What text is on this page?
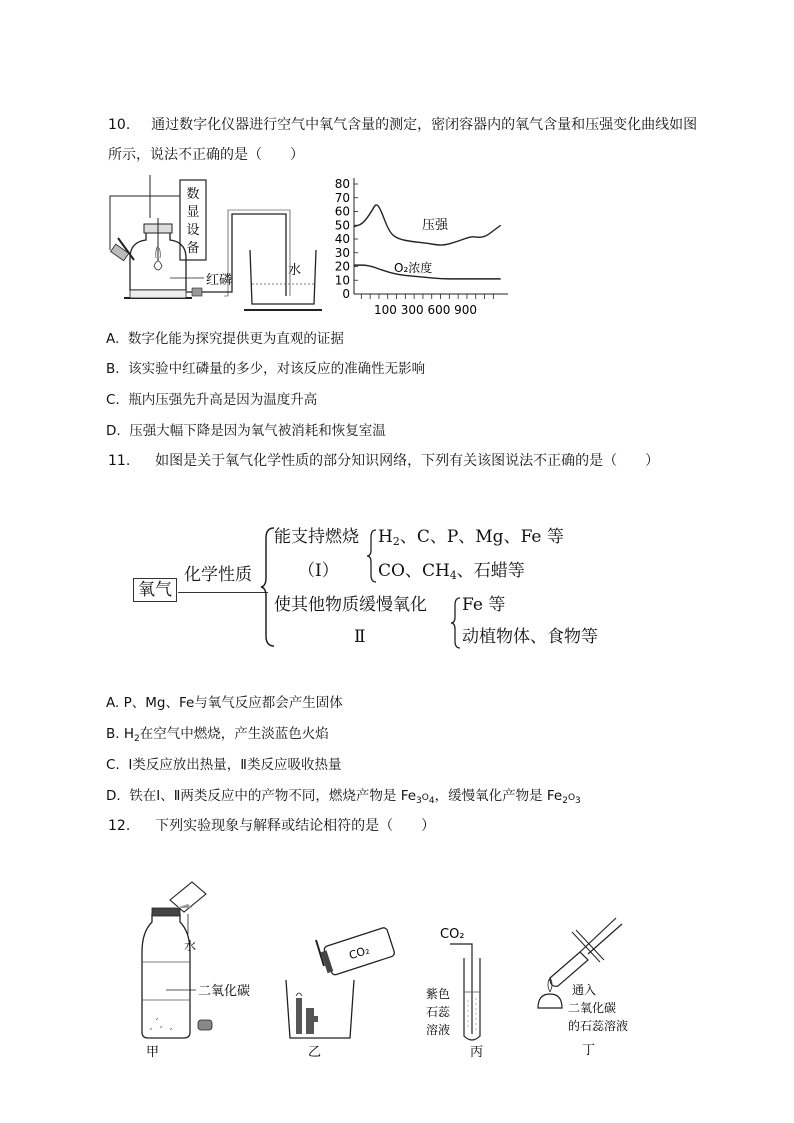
10. 通过数字化仪器进行空气中氧气含量的测定，密闭容器内的氧气含量和压强变化曲线如图
所示，说法不正确的是（　　）
数
显
设
备
红磷
水
80
70
60
50
40
30
20
10
0
压强
O₂浓度
100 300 600 900
A. 数字化能为探究提供更为直观的证据
B. 该实验中红磷量的多少，对该反应的准确性无影响
C. 瓶内压强先升高是因为温度升高
D. 压强大幅下降是因为氧气被消耗和恢复室温
11. 如图是关于氧气化学性质的部分知识网络，下列有关该图说法不正确的是（　　）
氧气
化学性质
能支持燃烧
（Ⅰ）
$H_2$、C、P、Mg、Fe 等
CO、$CH_4$、石蜡等
使其他物质缓慢氧化
Ⅱ
Fe 等
动植物体、食物等
A. P、Mg、Fe与氧气反应都会产生固体
B. $H_2$在空气中燃烧，产生淡蓝色火焰
C. Ⅰ类反应放出热量，Ⅱ类反应吸收热量
D. 铁在Ⅰ、Ⅱ两类反应中的产物不同，燃烧产物是 $Fe_3O_4$，缓慢氧化产物是 $Fe_2O_3$
12. 下列实验现象与解释或结论相符的是（　　）
水
二氧化碳
甲
CO₂
乙
CO₂
紫色
石蕊
溶液
丙
通入
二氧化碳
的石蕊溶液
丁
